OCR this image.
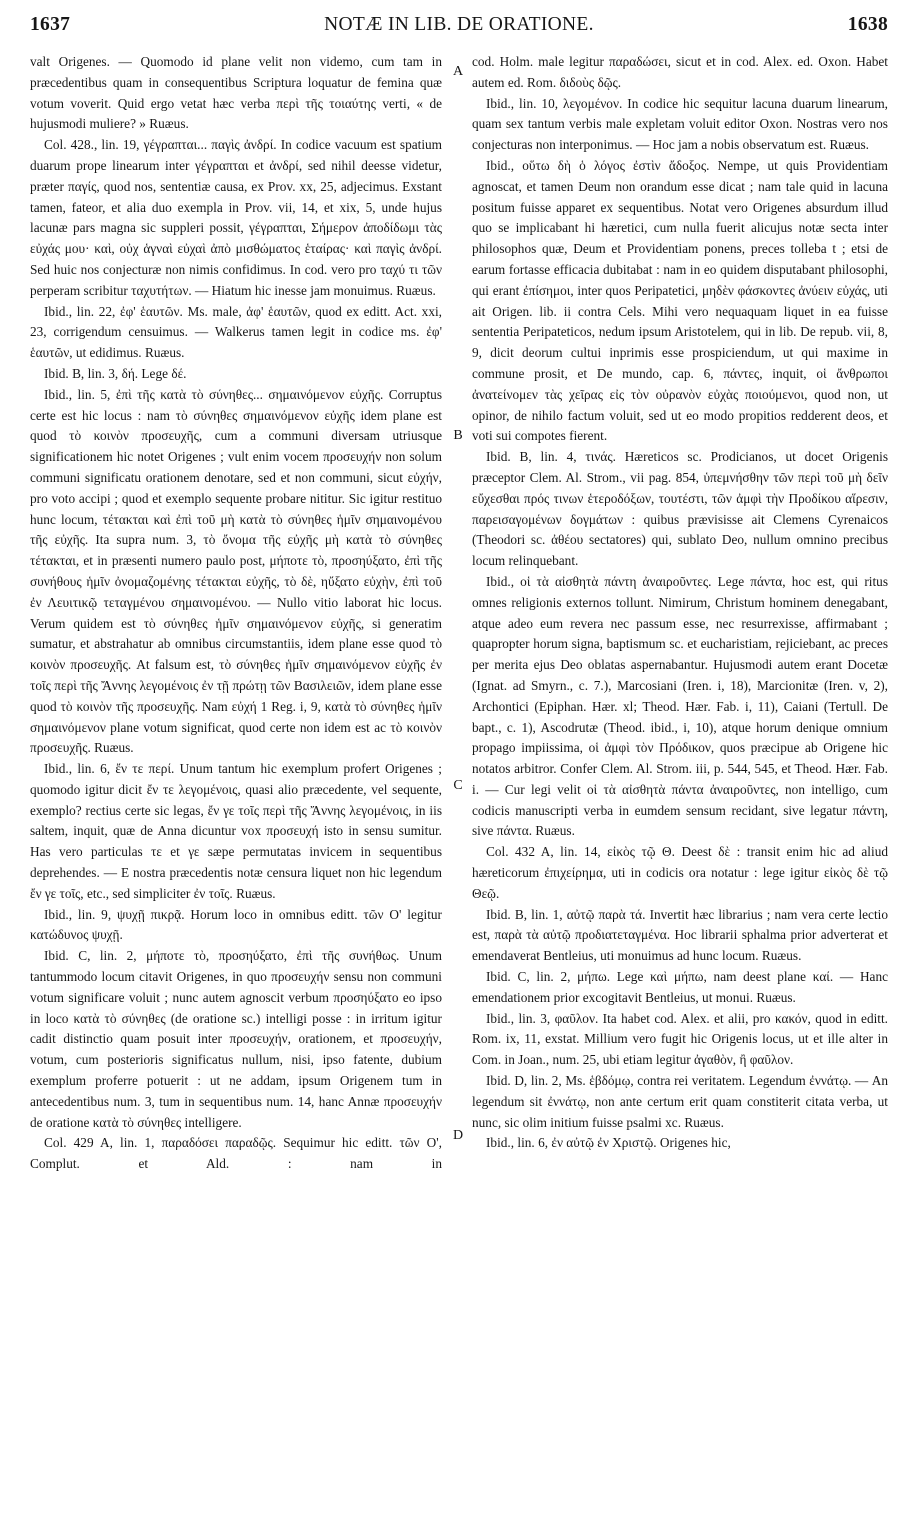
1637	NOTÆ IN LIB. DE ORATIONE.	1638

valt Origenes. — Quomodo id plane velit non videmo, cum tam in præcedentibus quam in consequentibus Scriptura loquatur de femina quæ votum voverit. Quid ergo vetat hæc verba περὶ τῆς τοιαύτης verti, « de hujusmodi muliere? » Ruæus.

Col. 428., lin. 19, γέγραπται... παγὶς ἀνδρί. In codice vacuum est spatium duarum prope linearum inter γέγραπται et ἀνδρί, sed nihil deesse videtur, præter παγίς, quod nos, sententiæ causa, ex Prov. xx, 25, adjecimus. Exstant tamen, fateor, et alia duo exempla in Prov. vii, 14, et xix, 5, unde hujus lacunæ pars magna sic suppleri possit, γέγραπται, Σήμερον ἀποδίδωμι τὰς εὐχάς μου· καὶ, οὐχ ἁγναὶ εὐχαὶ ἀπὸ μισθώματος ἑταίρας· καὶ παγὶς ἀνδρί. Sed huic nos conjecturæ non nimis confidimus. In cod. vero pro ταχύ τι τῶν perperam scribitur ταχυτήτων. — Hiatum hic inesse jam monuimus. Ruæus.

Ibid., lin. 22, ἐφ' ἑαυτῶν. Ms. male, ἀφ' ἑαυτῶν, quod ex editt. Act. xxi, 23, corrigendum censuimus. — Walkerus tamen legit in codice ms. ἐφ' ἑαυτῶν, ut edidimus. Ruæus.

Ibid. B, lin. 3, δή. Lege δέ.

Ibid., lin. 5, ἐπὶ τῆς κατὰ τὸ σύνηθες... σημαινόμενον εὐχῆς. Corruptus certe est hic locus : nam τὸ σύνηθες σημαινόμενον εὐχῆς idem plane est quod τὸ κοινὸν προσευχῆς, cum a communi diversam utriusque significationem hic notet Origenes ; vult enim vocem προσευχήν non solum communi significatu orationem denotare, sed et non communi, sicut εὐχήν, pro voto accipi ; quod et exemplo sequente probare nititur. Sic igitur restituo hunc locum, τέτακται καὶ ἐπὶ τοῦ μὴ κατὰ τὸ σύνηθες ἡμῖν σημαινομένου τῆς εὐχῆς. Ita supra num. 3, τὸ ὄνομα τῆς εὐχῆς μὴ κατὰ τὸ σύνηθες τέτακται, et in præsenti numero paulo post, μήποτε τὸ, προσηύξατο, ἐπὶ τῆς συνήθους ἡμῖν ὀνομαζομένης τέτακται εὐχῆς, τὸ δὲ, ηὔξατο εὐχὴν, ἐπὶ τοῦ ἐν Λευιτικῷ τεταγμένου σημαινομένου. — Nullo vitio laborat hic locus. Verum quidem est τὸ σύνηθες ἡμῖν σημαινόμενον εὐχῆς, si generatim sumatur, et abstrahatur ab omnibus circumstantiis, idem plane esse quod τὸ κοινὸν προσευχῆς. At falsum est, τὸ σύνηθες ἡμῖν σημαινόμενον εὐχῆς ἐν τοῖς περὶ τῆς Ἄννης λεγομένοις ἐν τῇ πρώτῃ τῶν Βασιλειῶν, idem plane esse quod τὸ κοινὸν τῆς προσευχῆς. Nam εὐχή 1 Reg. i, 9, κατὰ τὸ σύνηθες ἡμῖν σημαινόμενον plane votum significat, quod certe non idem est ac τὸ κοινὸν προσευχῆς. Ruæus.

Ibid., lin. 6, ἔν τε περί. Unum tantum hic exemplum profert Origenes ; quomodo igitur dicit ἔν τε λεγομένοις, quasi alio præcedente, vel sequente, exemplo? rectius certe sic legas, ἔν γε τοῖς περὶ τῆς Ἄννης λεγομένοις, in iis saltem, inquit, quæ de Anna dicuntur vox προσευχή isto in sensu sumitur. Has vero particulas τε et γε sæpe permutatas invicem in sequentibus deprehendes. — E nostra præcedentis notæ censura liquet non hic legendum ἔν γε τοῖς, etc., sed simpliciter ἐν τοῖς. Ruæus.

Ibid., lin. 9, ψυχῇ πικρᾷ. Horum loco in omnibus editt. τῶν Ο' legitur κατώδυνος ψυχῇ.

Ibid. C, lin. 2, μήποτε τὸ, προσηύξατο, ἐπὶ τῆς συνήθως. Unum tantummodo locum citavit Origenes, in quo προσευχήν sensu non communi votum significare voluit ; nunc autem agnoscit verbum προσηύξατο eo ipso in loco κατὰ τὸ σύνηθες (de oratione sc.) intelligi posse : in irritum igitur cadit distinctio quam posuit inter προσευχήν, orationem, et προσευχήν, votum, cum posterioris significatus nullum, nisi, ipso fatente, dubium exemplum proferre potuerit : ut ne addam, ipsum Origenem tum in antecedentibus num. 3, tum in sequentibus num. 14, hanc Annæ προσευχήν de oratione κατὰ τὸ σύνηθες intelligere.

Col. 429 A, lin. 1, παραδόσει παραδῷς. Sequimur hic editt. τῶν Ο', Complut. et Ald. : nam in

A
B
C
D

cod. Holm. male legitur παραδώσει, sicut et in cod. Alex. ed. Oxon. Habet autem ed. Rom. διδοὺς δῷς.

Ibid., lin. 10, λεγομένον. In codice hic sequitur lacuna duarum linearum, quam sex tantum verbis male expletam voluit editor Oxon. Nostras vero nos conjecturas non interponimus. — Hoc jam a nobis observatum est. Ruæus.

Ibid., οὕτω δὴ ὁ λόγος ἐστὶν ἄδοξος. Nempe, ut quis Providentiam agnoscat, et tamen Deum non orandum esse dicat ; nam tale quid in lacuna positum fuisse apparet ex sequentibus. Notat vero Origenes absurdum illud quo se implicabant hi hæretici, cum nulla fuerit alicujus notæ secta inter philosophos quæ, Deum et Providentiam ponens, preces tolleba t ; etsi de earum fortasse efficacia dubitabat : nam in eo quidem disputabant philosophi, qui erant ἐπίσημοι, inter quos Peripatetici, μηδὲν φάσκοντες ἀνύειν εὐχάς, uti ait Origen. lib. ii contra Cels. Mihi vero nequaquam liquet in ea fuisse sententia Peripateticos, nedum ipsum Aristotelem, qui in lib. De repub. vii, 8, 9, dicit deorum cultui inprimis esse prospiciendum, ut qui maxime in commune prosit, et De mundo, cap. 6, πάντες, inquit, οἱ ἄνθρωποι ἀνατείνομεν τὰς χεῖρας εἰς τὸν οὐρανὸν εὐχὰς ποιούμενοι, quod non, ut opinor, de nihilo factum voluit, sed ut eo modo propitios redderent deos, et voti sui compotes fierent.

Ibid. B, lin. 4, τινάς. Hæreticos sc. Prodicianos, ut docet Origenis præceptor Clem. Al. Strom., vii pag. 854, ὑπεμνήσθην τῶν περὶ τοῦ μὴ δεῖν εὔχεσθαι πρός τινων ἑτεροδόξων, τουτέστι, τῶν ἀμφὶ τὴν Προδίκου αἵρεσιν, παρεισαγομένων δογμάτων : quibus prævisisse ait Clemens Cyrenaicos (Theodori sc. ἀθέου sectatores) qui, sublato Deo, nullum omnino precibus locum relinquebant.

Ibid., οἱ τὰ αἰσθητὰ πάντη ἀναιροῦντες. Lege πάντα, hoc est, qui ritus omnes religionis externos tollunt. Nimirum, Christum hominem denegabant, atque adeo eum revera nec passum esse, nec resurrexisse, affirmabant ; quapropter horum signa, baptismum sc. et eucharistiam, rejiciebant, ac preces per merita ejus Deo oblatas aspernabantur. Hujusmodi autem erant Docetæ (Ignat. ad Smyrn., c. 7.), Marcosiani (Iren. i, 18), Marcionitæ (Iren. v, 2), Archontici (Epiphan. Hær. xl; Theod. Hær. Fab. i, 11), Caiani (Tertull. De bapt., c. 1), Ascodrutæ (Theod. ibid., i, 10), atque horum denique omnium propago impiissima, οἱ ἀμφὶ τὸν Πρόδικον, quos præcipue ab Origene hic notatos arbitror. Confer Clem. Al. Strom. iii, p. 544, 545, et Theod. Hær. Fab. i. — Cur legi velit οἱ τὰ αἰσθητὰ πάντα ἀναιροῦντες, non intelligo, cum codicis manuscripti verba in eumdem sensum recidant, sive legatur πάντη, sive πάντα. Ruæus.

Col. 432 A, lin. 14, εἰκὸς τῷ Θ. Deest δὲ : transit enim hic ad aliud hæreticorum ἐπιχείρημα, uti in codicis ora notatur : lege igitur εἰκὸς δὲ τῷ Θεῷ.

Ibid. B, lin. 1, αὐτῷ παρὰ τά. Invertit hæc librarius ; nam vera certe lectio est, παρὰ τὰ αὐτῷ προδιατεταγμένα. Hoc librarii sphalma prior adverterat et emendaverat Bentleius, uti monuimus ad hunc locum. Ruæus.

Ibid. C, lin. 2, μήπω. Lege καὶ μήπω, nam deest plane καί. — Hanc emendationem prior excogitavit Bentleius, ut monui. Ruæus.

Ibid., lin. 3, φαῦλον. Ita habet cod. Alex. et alii, pro κακόν, quod in editt. Rom. ix, 11, exstat. Millium vero fugit hic Origenis locus, ut et ille alter in Com. in Joan., num. 25, ubi etiam legitur ἀγαθὸν, ἢ φαῦλον.

Ibid. D, lin. 2, Ms. ἑβδόμῳ, contra rei veritatem. Legendum ἐννάτῳ. — An legendum sit ἐννάτῳ, non ante certum erit quam constiterit citata verba, ut nunc, sic olim initium fuisse psalmi xc. Ruæus.

Ibid., lin. 6, ἐν αὐτῷ ἐν Χριστῷ. Origenes hic,
